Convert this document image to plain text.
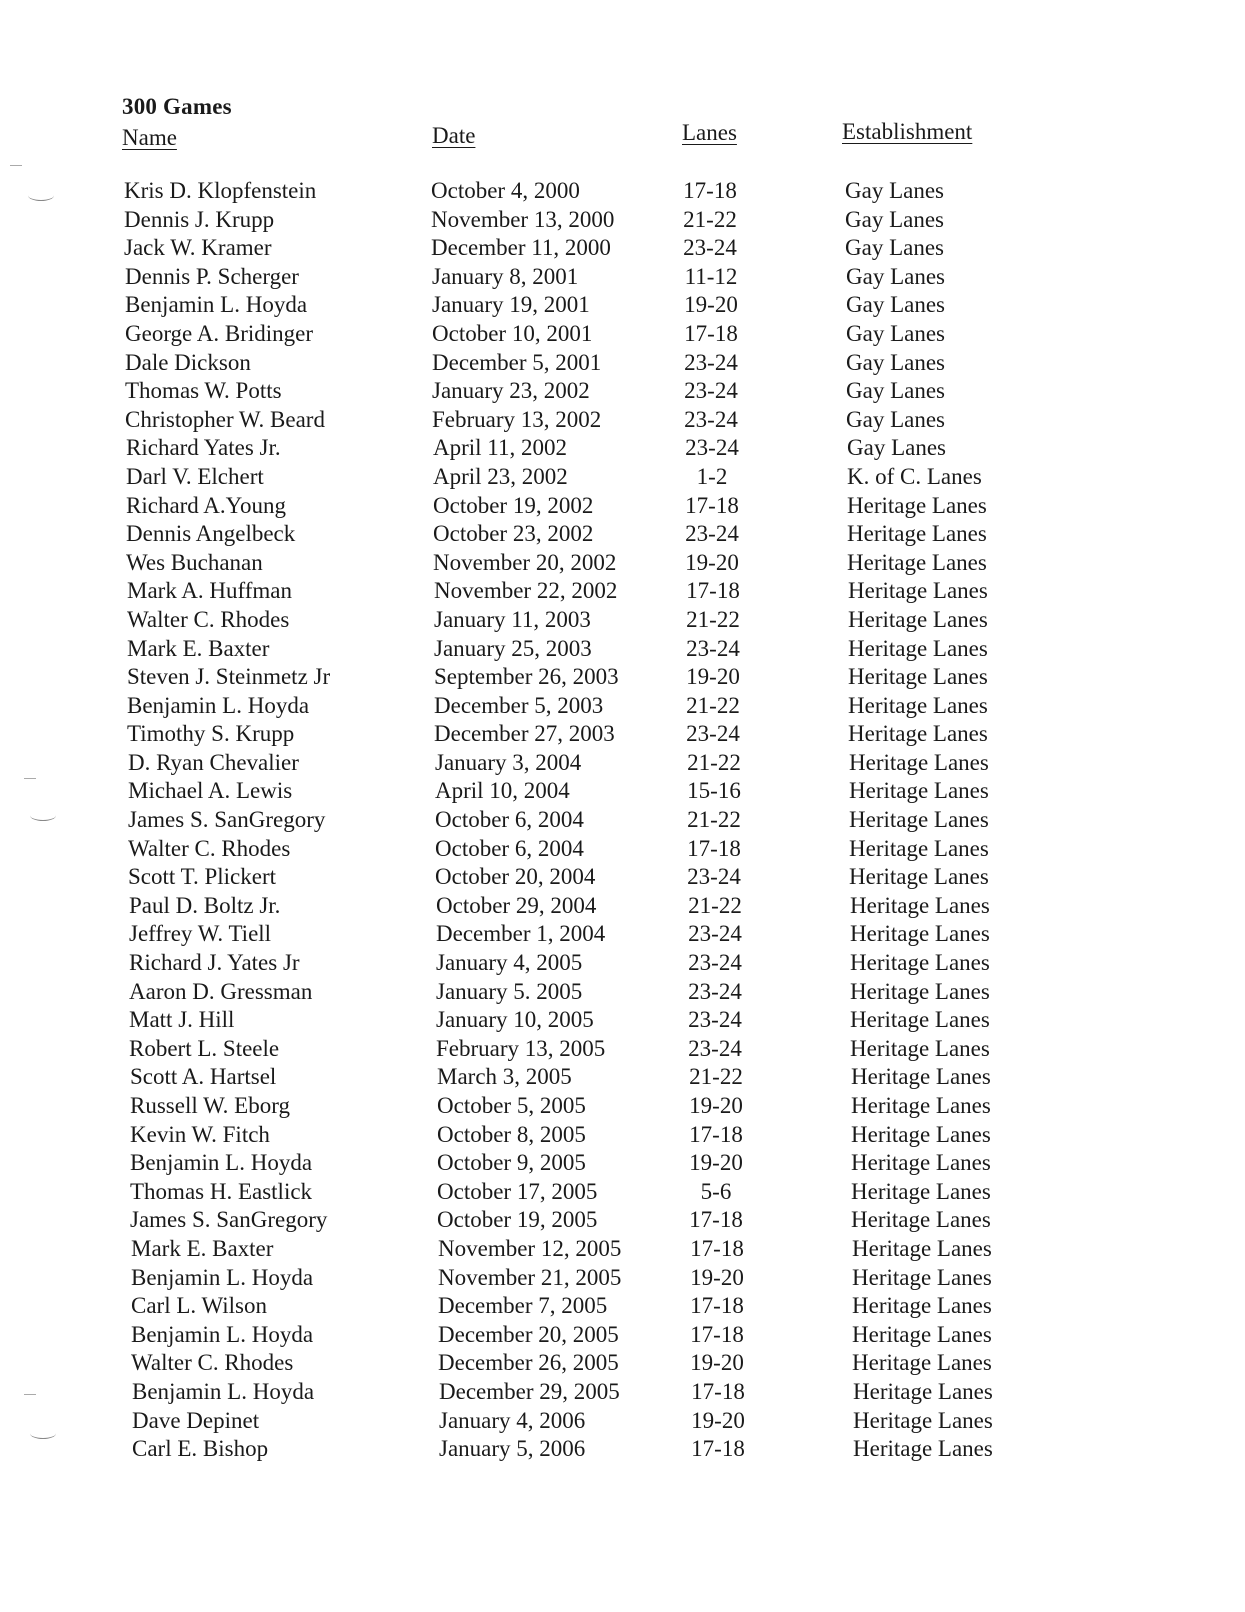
300 Games
Name	Date	Lanes	Establishment
Kris D. Klopfenstein	October 4, 2000	17-18	Gay Lanes
Dennis J. Krupp	November 13, 2000	21-22	Gay Lanes
Jack W. Kramer	December 11, 2000	23-24	Gay Lanes
Dennis P. Scherger	January 8, 2001	11-12	Gay Lanes
Benjamin L. Hoyda	January 19, 2001	19-20	Gay Lanes
George A. Bridinger	October 10, 2001	17-18	Gay Lanes
Dale Dickson	December 5, 2001	23-24	Gay Lanes
Thomas W. Potts	January 23, 2002	23-24	Gay Lanes
Christopher W. Beard	February 13, 2002	23-24	Gay Lanes
Richard Yates Jr.	April 11, 2002	23-24	Gay Lanes
Darl V. Elchert	April 23, 2002	1-2	K. of C. Lanes
Richard A.Young	October 19, 2002	17-18	Heritage Lanes
Dennis Angelbeck	October 23, 2002	23-24	Heritage Lanes
Wes Buchanan	November 20, 2002	19-20	Heritage Lanes
Mark A. Huffman	November 22, 2002	17-18	Heritage Lanes
Walter C. Rhodes	January 11, 2003	21-22	Heritage Lanes
Mark E. Baxter	January 25, 2003	23-24	Heritage Lanes
Steven J. Steinmetz Jr	September 26, 2003	19-20	Heritage Lanes
Benjamin L. Hoyda	December 5, 2003	21-22	Heritage Lanes
Timothy S. Krupp	December 27, 2003	23-24	Heritage Lanes
D. Ryan Chevalier	January 3, 2004	21-22	Heritage Lanes
Michael A. Lewis	April 10, 2004	15-16	Heritage Lanes
James S. SanGregory	October 6, 2004	21-22	Heritage Lanes
Walter C. Rhodes	October 6, 2004	17-18	Heritage Lanes
Scott T. Plickert	October 20, 2004	23-24	Heritage Lanes
Paul D. Boltz Jr.	October 29, 2004	21-22	Heritage Lanes
Jeffrey W. Tiell	December 1, 2004	23-24	Heritage Lanes
Richard J. Yates Jr	January 4, 2005	23-24	Heritage Lanes
Aaron D. Gressman	January 5. 2005	23-24	Heritage Lanes
Matt J. Hill	January 10, 2005	23-24	Heritage Lanes
Robert L. Steele	February 13, 2005	23-24	Heritage Lanes
Scott A. Hartsel	March 3, 2005	21-22	Heritage Lanes
Russell W. Eborg	October 5, 2005	19-20	Heritage Lanes
Kevin W. Fitch	October 8, 2005	17-18	Heritage Lanes
Benjamin L. Hoyda	October 9, 2005	19-20	Heritage Lanes
Thomas H. Eastlick	October 17, 2005	5-6	Heritage Lanes
James S. SanGregory	October 19, 2005	17-18	Heritage Lanes
Mark E. Baxter	November 12, 2005	17-18	Heritage Lanes
Benjamin L. Hoyda	November 21, 2005	19-20	Heritage Lanes
Carl L. Wilson	December 7, 2005	17-18	Heritage Lanes
Benjamin L. Hoyda	December 20, 2005	17-18	Heritage Lanes
Walter C. Rhodes	December 26, 2005	19-20	Heritage Lanes
Benjamin L. Hoyda	December 29, 2005	17-18	Heritage Lanes
Dave Depinet	January 4, 2006	19-20	Heritage Lanes
Carl E. Bishop	January 5, 2006	17-18	Heritage Lanes
